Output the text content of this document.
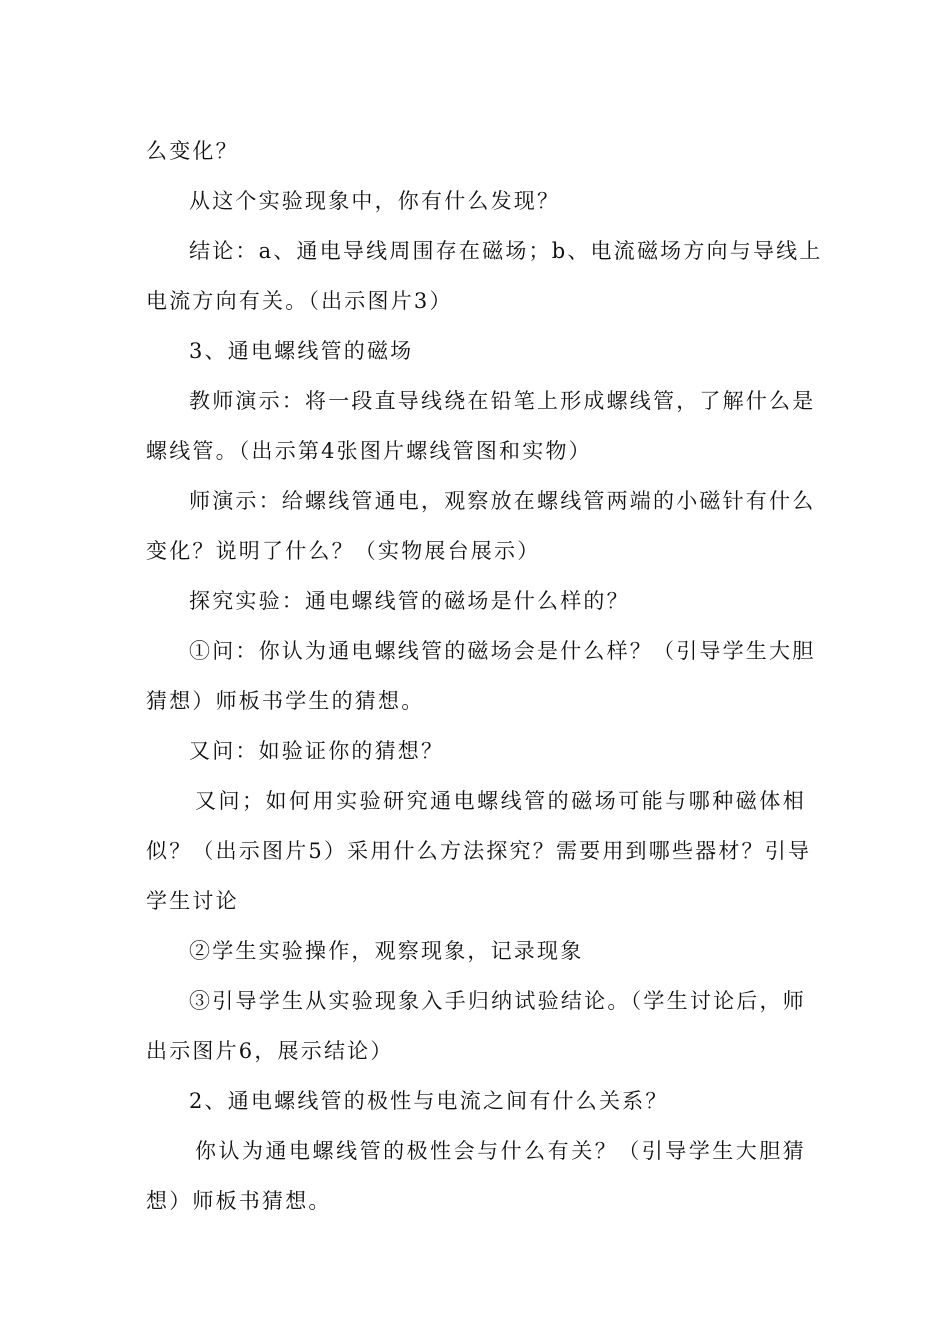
么变化？
从这个实验现象中，你有什么发现？
结论：a、通电导线周围存在磁场；b、电流磁场方向与导线上
电流方向有关。（出示图片3）
3、通电螺线管的磁场
教师演示：将一段直导线绕在铅笔上形成螺线管，了解什么是
螺线管。（出示第4张图片螺线管图和实物）
师演示：给螺线管通电，观察放在螺线管两端的小磁针有什么
变化？说明了什么？（实物展台展示）
探究实验：通电螺线管的磁场是什么样的？
①问：你认为通电螺线管的磁场会是什么样？（引导学生大胆
猜想）师板书学生的猜想。
又问：如验证你的猜想？
又问；如何用实验研究通电螺线管的磁场可能与哪种磁体相
似？（出示图片5）采用什么方法探究？需要用到哪些器材？引导
学生讨论
②学生实验操作，观察现象，记录现象
③引导学生从实验现象入手归纳试验结论。（学生讨论后，师
出示图片6，展示结论）
2、通电螺线管的极性与电流之间有什么关系？
你认为通电螺线管的极性会与什么有关？（引导学生大胆猜
想）师板书猜想。
